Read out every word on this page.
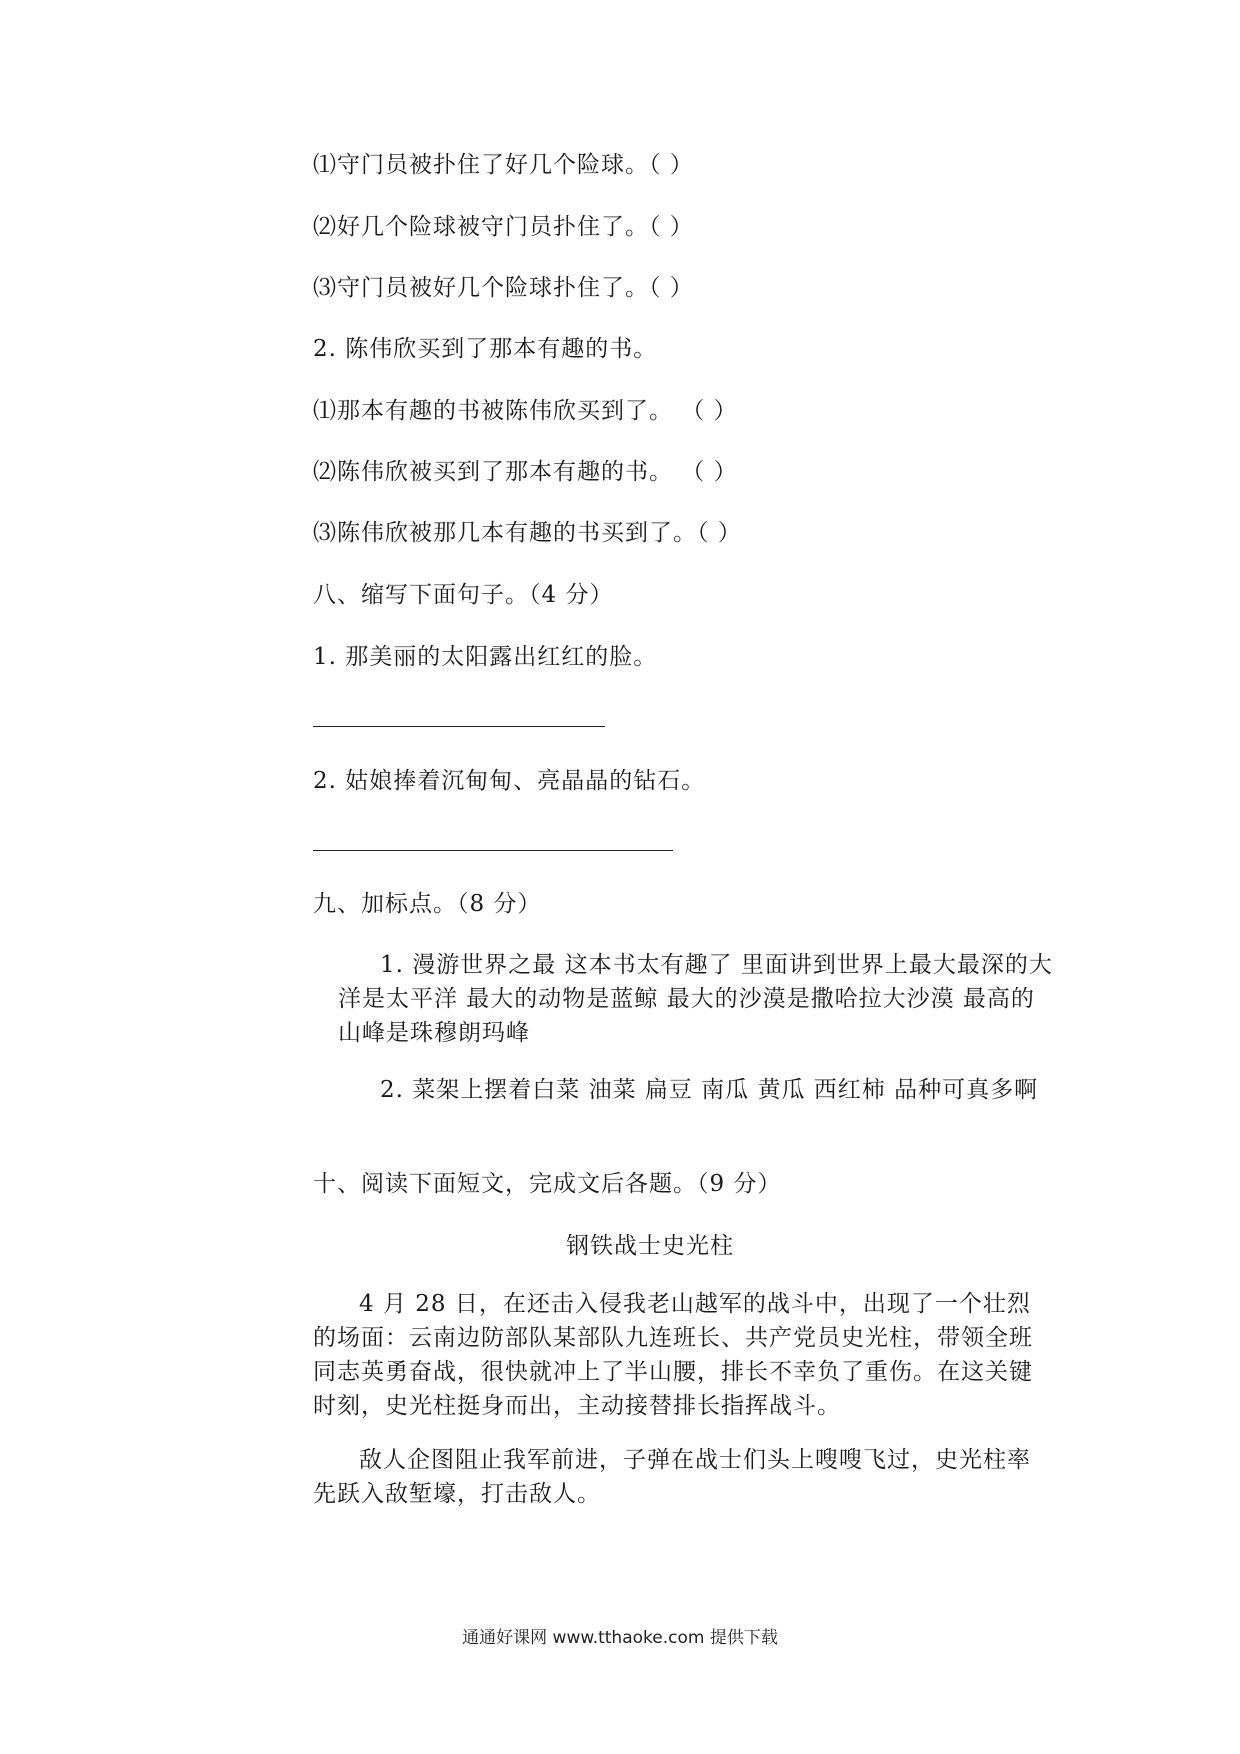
⑴守门员被扑住了好几个险球。（ ）
⑵好几个险球被守门员扑住了。（ ）
⑶守门员被好几个险球扑住了。（ ）
2. 陈伟欣买到了那本有趣的书。
⑴那本有趣的书被陈伟欣买到了。 （ ）
⑵陈伟欣被买到了那本有趣的书。 （ ）
⑶陈伟欣被那几本有趣的书买到了。（ ）
八、缩写下面句子。（4 分）
1. 那美丽的太阳露出红红的脸。
2. 姑娘捧着沉甸甸、亮晶晶的钻石。
九、加标点。（8 分）
1. 漫游世界之最 这本书太有趣了 里面讲到世界上最大最深的大洋是太平洋 最大的动物是蓝鲸 最大的沙漠是撒哈拉大沙漠 最高的山峰是珠穆朗玛峰
2. 菜架上摆着白菜 油菜 扁豆 南瓜 黄瓜 西红柿 品种可真多啊
十、阅读下面短文，完成文后各题。（9 分）
钢铁战士史光柱
4 月 28 日，在还击入侵我老山越军的战斗中，出现了一个壮烈的场面：云南边防部队某部队九连班长、共产党员史光柱，带领全班同志英勇奋战，很快就冲上了半山腰，排长不幸负了重伤。在这关键时刻，史光柱挺身而出，主动接替排长指挥战斗。
敌人企图阻止我军前进，子弹在战士们头上嗖嗖飞过，史光柱率先跃入敌堑壕，打击敌人。
通通好课网 www.tthaoke.com 提供下载
